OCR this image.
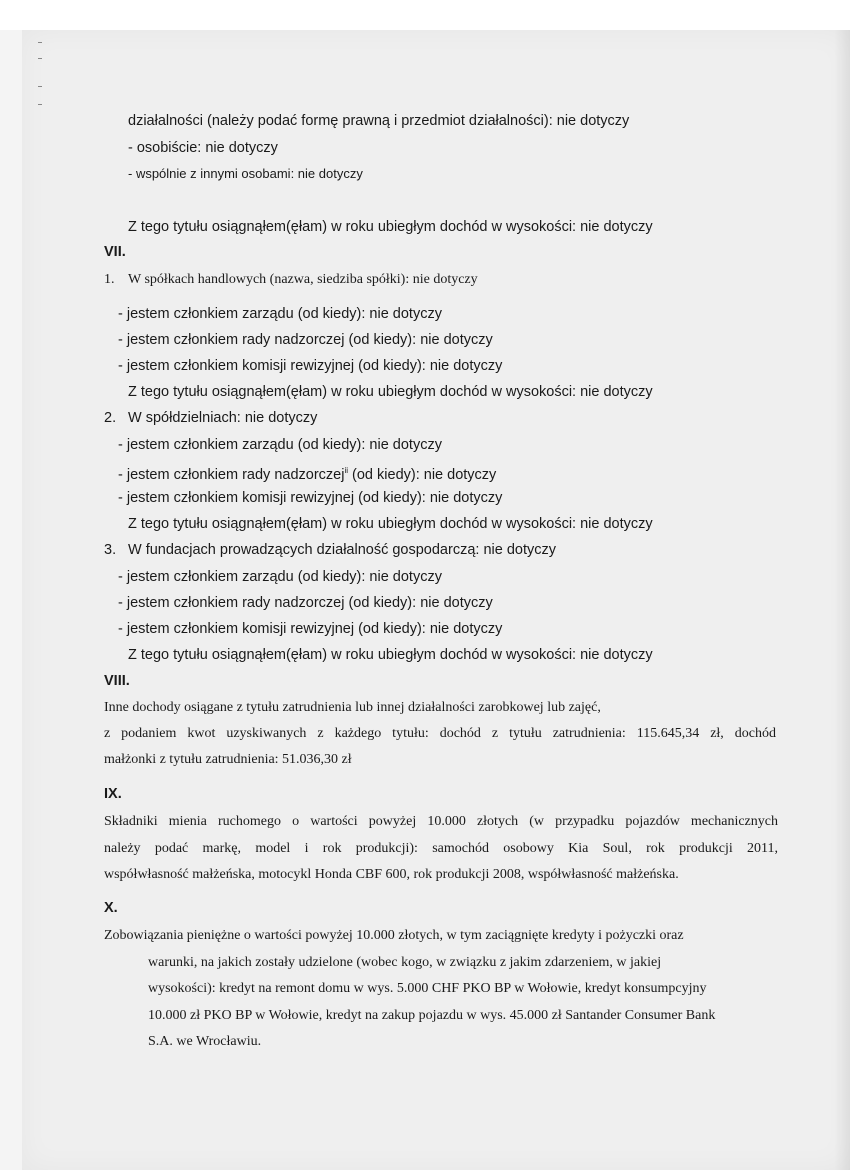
działalności (należy podać formę prawną i przedmiot działalności): nie dotyczy
- osobiście: nie dotyczy
- wspólnie z innymi osobami: nie dotyczy
Z tego tytułu osiągnąłem(ęłam) w roku ubiegłym dochód w wysokości: nie dotyczy
VII.
1. W spółkach handlowych (nazwa, siedziba spółki): nie dotyczy
- jestem członkiem zarządu (od kiedy): nie dotyczy
- jestem członkiem rady nadzorczej (od kiedy): nie dotyczy
- jestem członkiem komisji rewizyjnej (od kiedy): nie dotyczy
Z tego tytułu osiągnąłem(ęłam) w roku ubiegłym dochód w wysokości: nie dotyczy
2. W spółdzielniach: nie dotyczy
- jestem członkiem zarządu (od kiedy): nie dotyczy
- jestem członkiem rady nadzorczej$^{ii}$ (od kiedy): nie dotyczy
- jestem członkiem komisji rewizyjnej (od kiedy): nie dotyczy
Z tego tytułu osiągnąłem(ęłam) w roku ubiegłym dochód w wysokości: nie dotyczy
3. W fundacjach prowadzących działalność gospodarczą: nie dotyczy
- jestem członkiem zarządu (od kiedy): nie dotyczy
- jestem członkiem rady nadzorczej (od kiedy): nie dotyczy
- jestem członkiem komisji rewizyjnej (od kiedy): nie dotyczy
Z tego tytułu osiągnąłem(ęłam) w roku ubiegłym dochód w wysokości: nie dotyczy
VIII.
Inne dochody osiągane z tytułu zatrudnienia lub innej działalności zarobkowej lub zajęć,
z podaniem kwot uzyskiwanych z każdego tytułu: dochód z tytułu zatrudnienia: 115.645,34 zł, dochód
małżonki z tytułu zatrudnienia: 51.036,30 zł
IX.
Składniki mienia ruchomego o wartości powyżej 10.000 złotych (w przypadku pojazdów mechanicznych
należy podać markę, model i rok produkcji): samochód osobowy Kia Soul, rok produkcji 2011,
współwłasność małżeńska, motocykl Honda CBF 600, rok produkcji 2008, współwłasność małżeńska.
X.
Zobowiązania pieniężne o wartości powyżej 10.000 złotych, w tym zaciągnięte kredyty i pożyczki oraz
warunki, na jakich zostały udzielone (wobec kogo, w związku z jakim zdarzeniem, w jakiej
wysokości): kredyt na remont domu w wys. 5.000 CHF PKO BP w Wołowie, kredyt konsumpcyjny
10.000 zł PKO BP w Wołowie, kredyt na zakup pojazdu w wys. 45.000 zł Santander Consumer Bank
S.A. we Wrocławiu.
